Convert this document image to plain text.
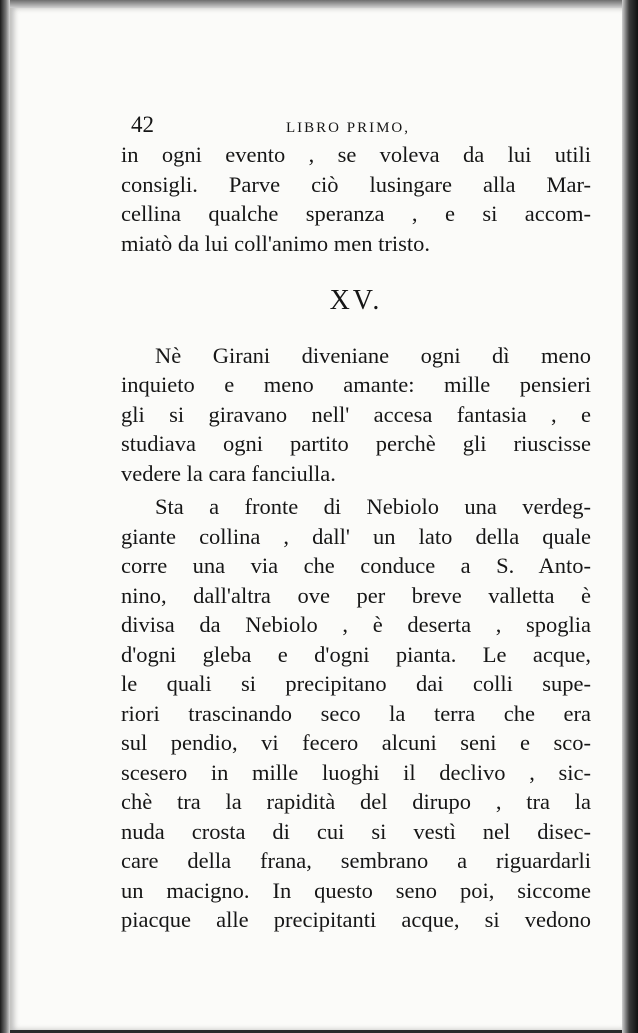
42	LIBRO PRIMO,
in ogni evento , se voleva da lui utili
consigli. Parve ciò lusingare alla Mar-
cellina qualche speranza , e si accom-
miatò da lui coll'animo men tristo.
XV.
Nè Girani diveniane ogni dì meno
inquieto e meno amante: mille pensieri
gli si giravano nell' accesa fantasia , e
studiava ogni partito perchè gli riuscisse
vedere la cara fanciulla.
Sta a fronte di Nebiolo una verdeg-
giante collina , dall' un lato della quale
corre una via che conduce a S. Anto-
nino, dall'altra ove per breve valletta è
divisa da Nebiolo , è deserta , spoglia
d'ogni gleba e d'ogni pianta. Le acque,
le quali si precipitano dai colli supe-
riori trascinando seco la terra che era
sul pendio, vi fecero alcuni seni e sco-
scesero in mille luoghi il declivo , sic-
chè tra la rapidità del dirupo , tra la
nuda crosta di cui si vestì nel disec-
care della frana, sembrano a riguardarli
un macigno. In questo seno poi, siccome
piacque alle precipitanti acque, si vedono
